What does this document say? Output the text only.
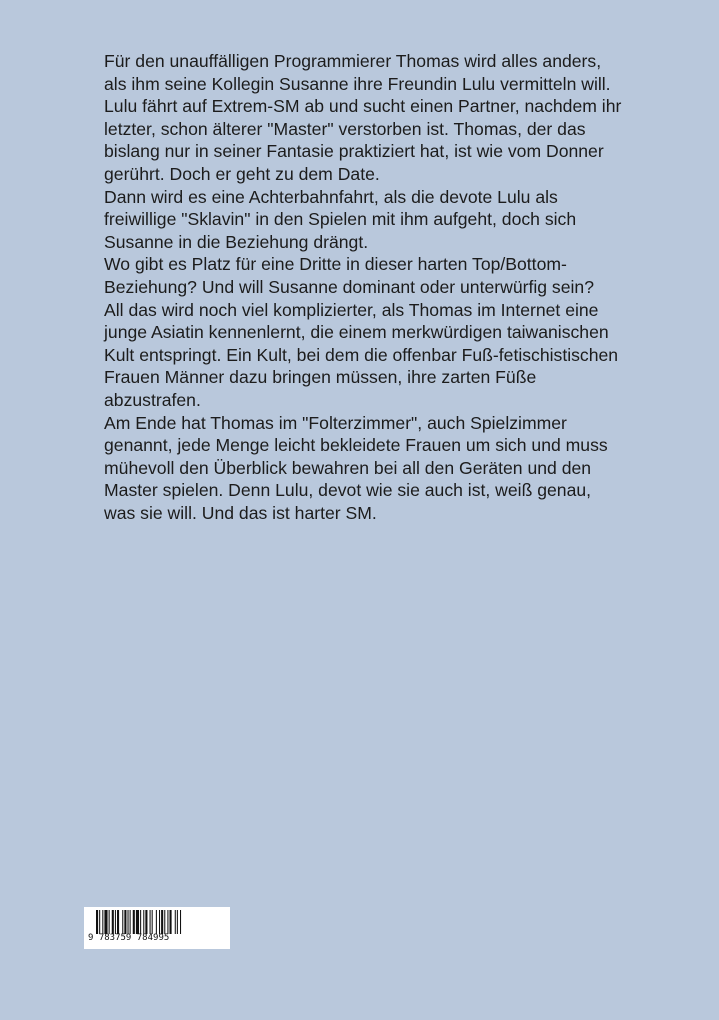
Für den unauffälligen Programmierer Thomas wird alles anders, als ihm seine Kollegin Susanne ihre Freundin Lulu vermitteln will. Lulu fährt auf Extrem-SM ab und sucht einen Partner, nachdem ihr letzter, schon älterer "Master" verstorben ist. Thomas, der das bislang nur in seiner Fantasie praktiziert hat, ist wie vom Donner gerührt. Doch er geht zu dem Date.

Dann wird es eine Achterbahnfahrt, als die devote Lulu als freiwillige "Sklavin" in den Spielen mit ihm aufgeht, doch sich Susanne in die Beziehung drängt.

Wo gibt es Platz für eine Dritte in dieser harten Top/Bottom-Beziehung? Und will Susanne dominant oder unterwürfig sein?

All das wird noch viel komplizierter, als Thomas im Internet eine junge Asiatin kennenlernt, die einem merkwürdigen taiwanischen Kult entspringt. Ein Kult, bei dem die offenbar Fuß-fetischistischen Frauen Männer dazu bringen müssen, ihre zarten Füße abzustrafen.

Am Ende hat Thomas im "Folterzimmer", auch Spielzimmer genannt, jede Menge leicht bekleidete Frauen um sich und muss mühevoll den Überblick bewahren bei all den Geräten und den Master spielen. Denn Lulu, devot wie sie auch ist, weiß genau, was sie will. Und das ist harter SM.

9 783759 784995
